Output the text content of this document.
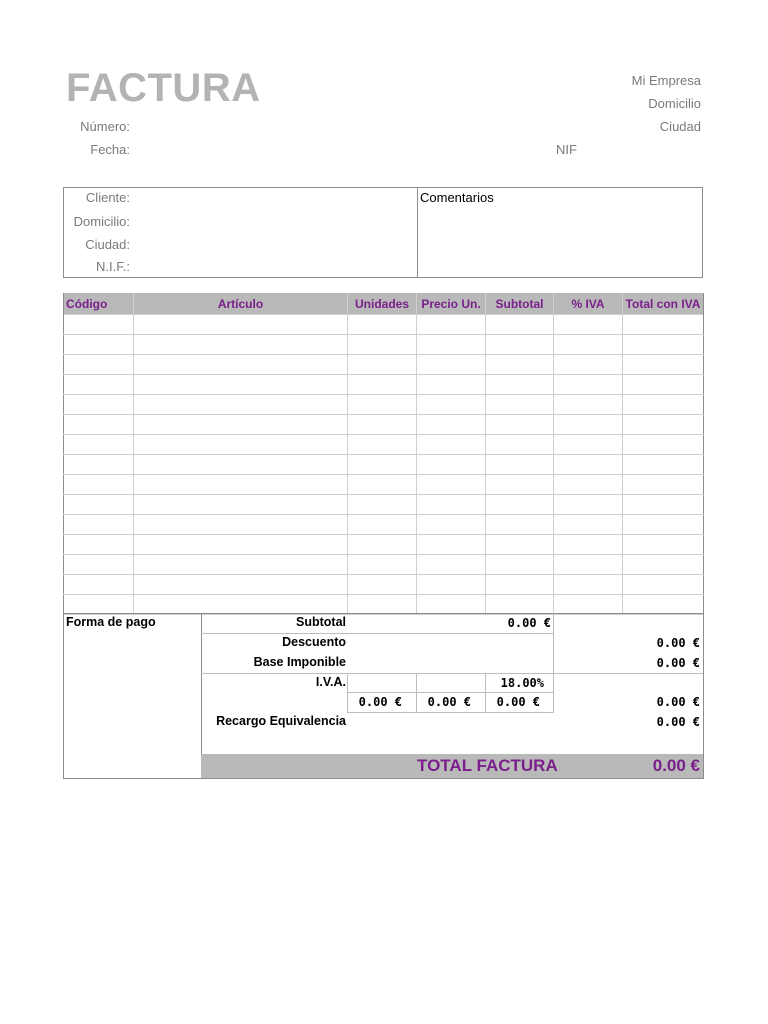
FACTURA
Número:
Fecha:
Mi Empresa
Domicilio
Ciudad
NIF
Cliente:
Domicilio:
Ciudad:
N.I.F.:
Comentarios
Código	Artículo	Unidades	Precio Un.	Subtotal	% IVA	Total con IVA

Forma de pago	Subtotal	0.00 €
Descuento	0.00 €
Base Imponible	0.00 €
I.V.A.	18.00%
0.00 €	0.00 €	0.00 €	0.00 €
Recargo Equivalencia	0.00 €
TOTAL FACTURA	0.00 €
